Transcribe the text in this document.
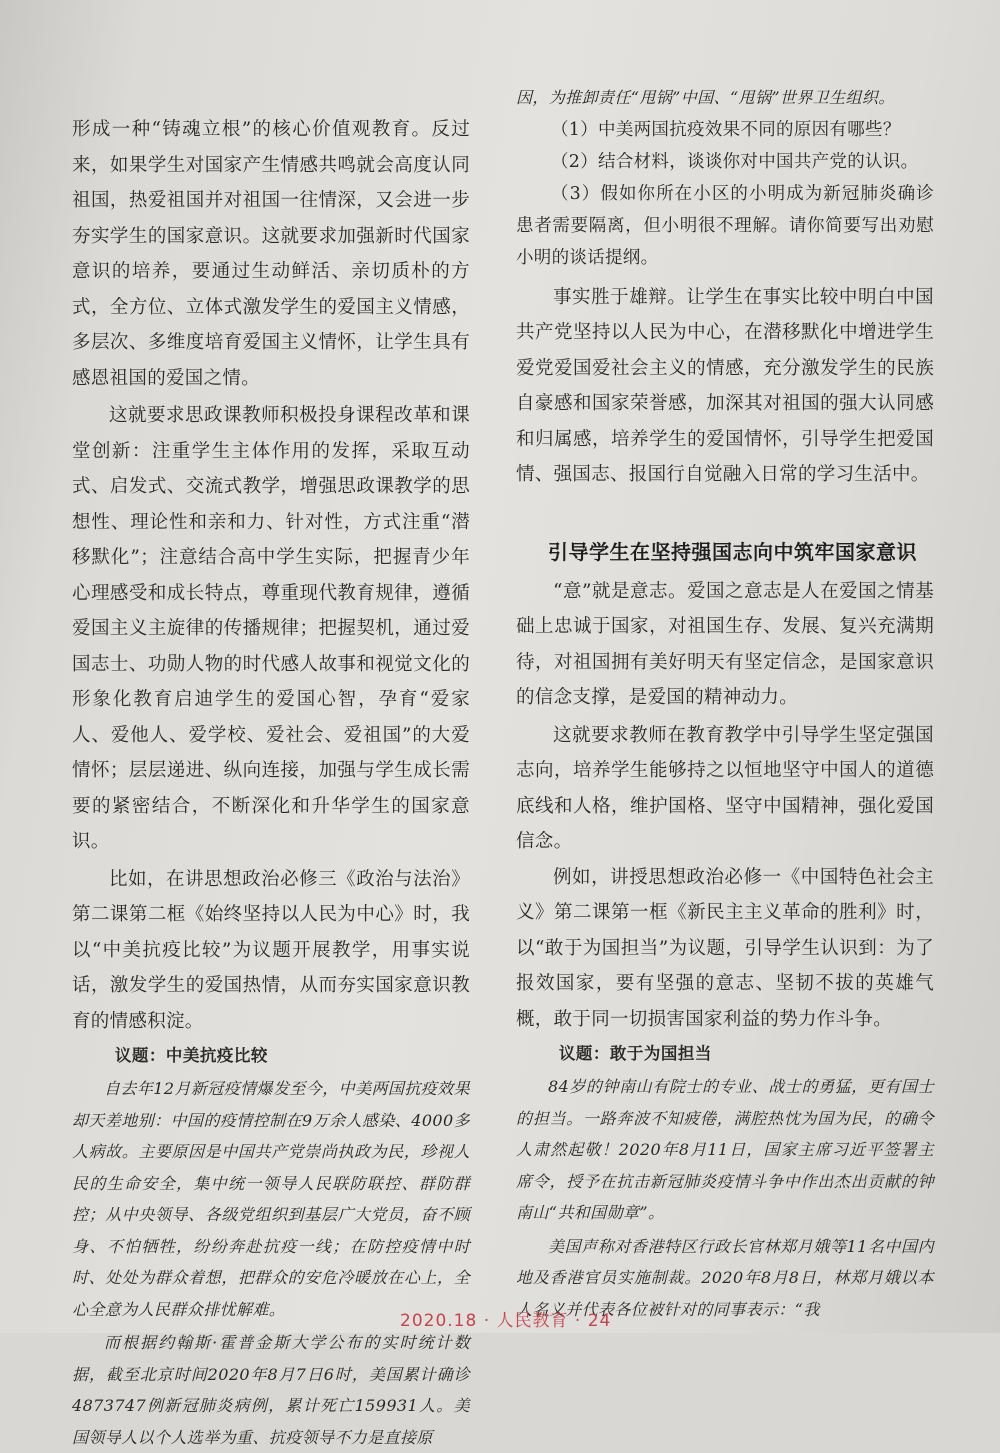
形成一种“铸魂立根”的核心价值观教育。反过来，如果学生对国家产生情感共鸣就会高度认同祖国，热爱祖国并对祖国一往情深，又会进一步夯实学生的国家意识。这就要求加强新时代国家意识的培养，要通过生动鲜活、亲切质朴的方式，全方位、立体式激发学生的爱国主义情感，多层次、多维度培育爱国主义情怀，让学生具有感恩祖国的爱国之情。

这就要求思政课教师积极投身课程改革和课堂创新：注重学生主体作用的发挥，采取互动式、启发式、交流式教学，增强思政课教学的思想性、理论性和亲和力、针对性，方式注重“潜移默化”；注意结合高中学生实际，把握青少年心理感受和成长特点，尊重现代教育规律，遵循爱国主义主旋律的传播规律；把握契机，通过爱国志士、功勋人物的时代感人故事和视觉文化的形象化教育启迪学生的爱国心智，孕育“爱家人、爱他人、爱学校、爱社会、爱祖国”的大爱情怀；层层递进、纵向连接，加强与学生成长需要的紧密结合，不断深化和升华学生的国家意识。

比如，在讲思想政治必修三《政治与法治》第二课第二框《始终坚持以人民为中心》时，我以“中美抗疫比较”为议题开展教学，用事实说话，激发学生的爱国热情，从而夯实国家意识教育的情感积淀。

议题：中美抗疫比较

自去年12月新冠疫情爆发至今，中美两国抗疫效果却天差地别：中国的疫情控制在9万余人感染、4000多人病故。主要原因是中国共产党崇尚执政为民，珍视人民的生命安全，集中统一领导人民联防联控、群防群控；从中央领导、各级党组织到基层广大党员，奋不顾身、不怕牺牲，纷纷奔赴抗疫一线；在防控疫情中时时、处处为群众着想，把群众的安危冷暖放在心上，全心全意为人民群众排忧解难。

而根据约翰斯·霍普金斯大学公布的实时统计数据，截至北京时间2020年8月7日6时，美国累计确诊4873747例新冠肺炎病例，累计死亡159931人。美国领导人以个人选举为重、抗疫领导不力是直接原

因，为推卸责任“甩锅”中国、“甩锅”世界卫生组织。

（1）中美两国抗疫效果不同的原因有哪些？

（2）结合材料，谈谈你对中国共产党的认识。

（3）假如你所在小区的小明成为新冠肺炎确诊患者需要隔离，但小明很不理解。请你简要写出劝慰小明的谈话提纲。

事实胜于雄辩。让学生在事实比较中明白中国共产党坚持以人民为中心，在潜移默化中增进学生爱党爱国爱社会主义的情感，充分激发学生的民族自豪感和国家荣誉感，加深其对祖国的强大认同感和归属感，培养学生的爱国情怀，引导学生把爱国情、强国志、报国行自觉融入日常的学习生活中。

引导学生在坚持强国志向中筑牢国家意识

“意”就是意志。爱国之意志是人在爱国之情基础上忠诚于国家，对祖国生存、发展、复兴充满期待，对祖国拥有美好明天有坚定信念，是国家意识的信念支撑，是爱国的精神动力。

这就要求教师在教育教学中引导学生坚定强国志向，培养学生能够持之以恒地坚守中国人的道德底线和人格，维护国格、坚守中国精神，强化爱国信念。

例如，讲授思想政治必修一《中国特色社会主义》第二课第一框《新民主主义革命的胜利》时，以“敢于为国担当”为议题，引导学生认识到：为了报效国家，要有坚强的意志、坚韧不拔的英雄气概，敢于同一切损害国家利益的势力作斗争。

议题：敢于为国担当

84岁的钟南山有院士的专业、战士的勇猛，更有国士的担当。一路奔波不知疲倦，满腔热忱为国为民，的确令人肃然起敬！2020年8月11日，国家主席习近平签署主席令，授予在抗击新冠肺炎疫情斗争中作出杰出贡献的钟南山“共和国勋章”。

美国声称对香港特区行政长官林郑月娥等11名中国内地及香港官员实施制裁。2020年8月8日，林郑月娥以本人名义并代表各位被针对的同事表示：“我

2020.18 · 人民教育 · 24
